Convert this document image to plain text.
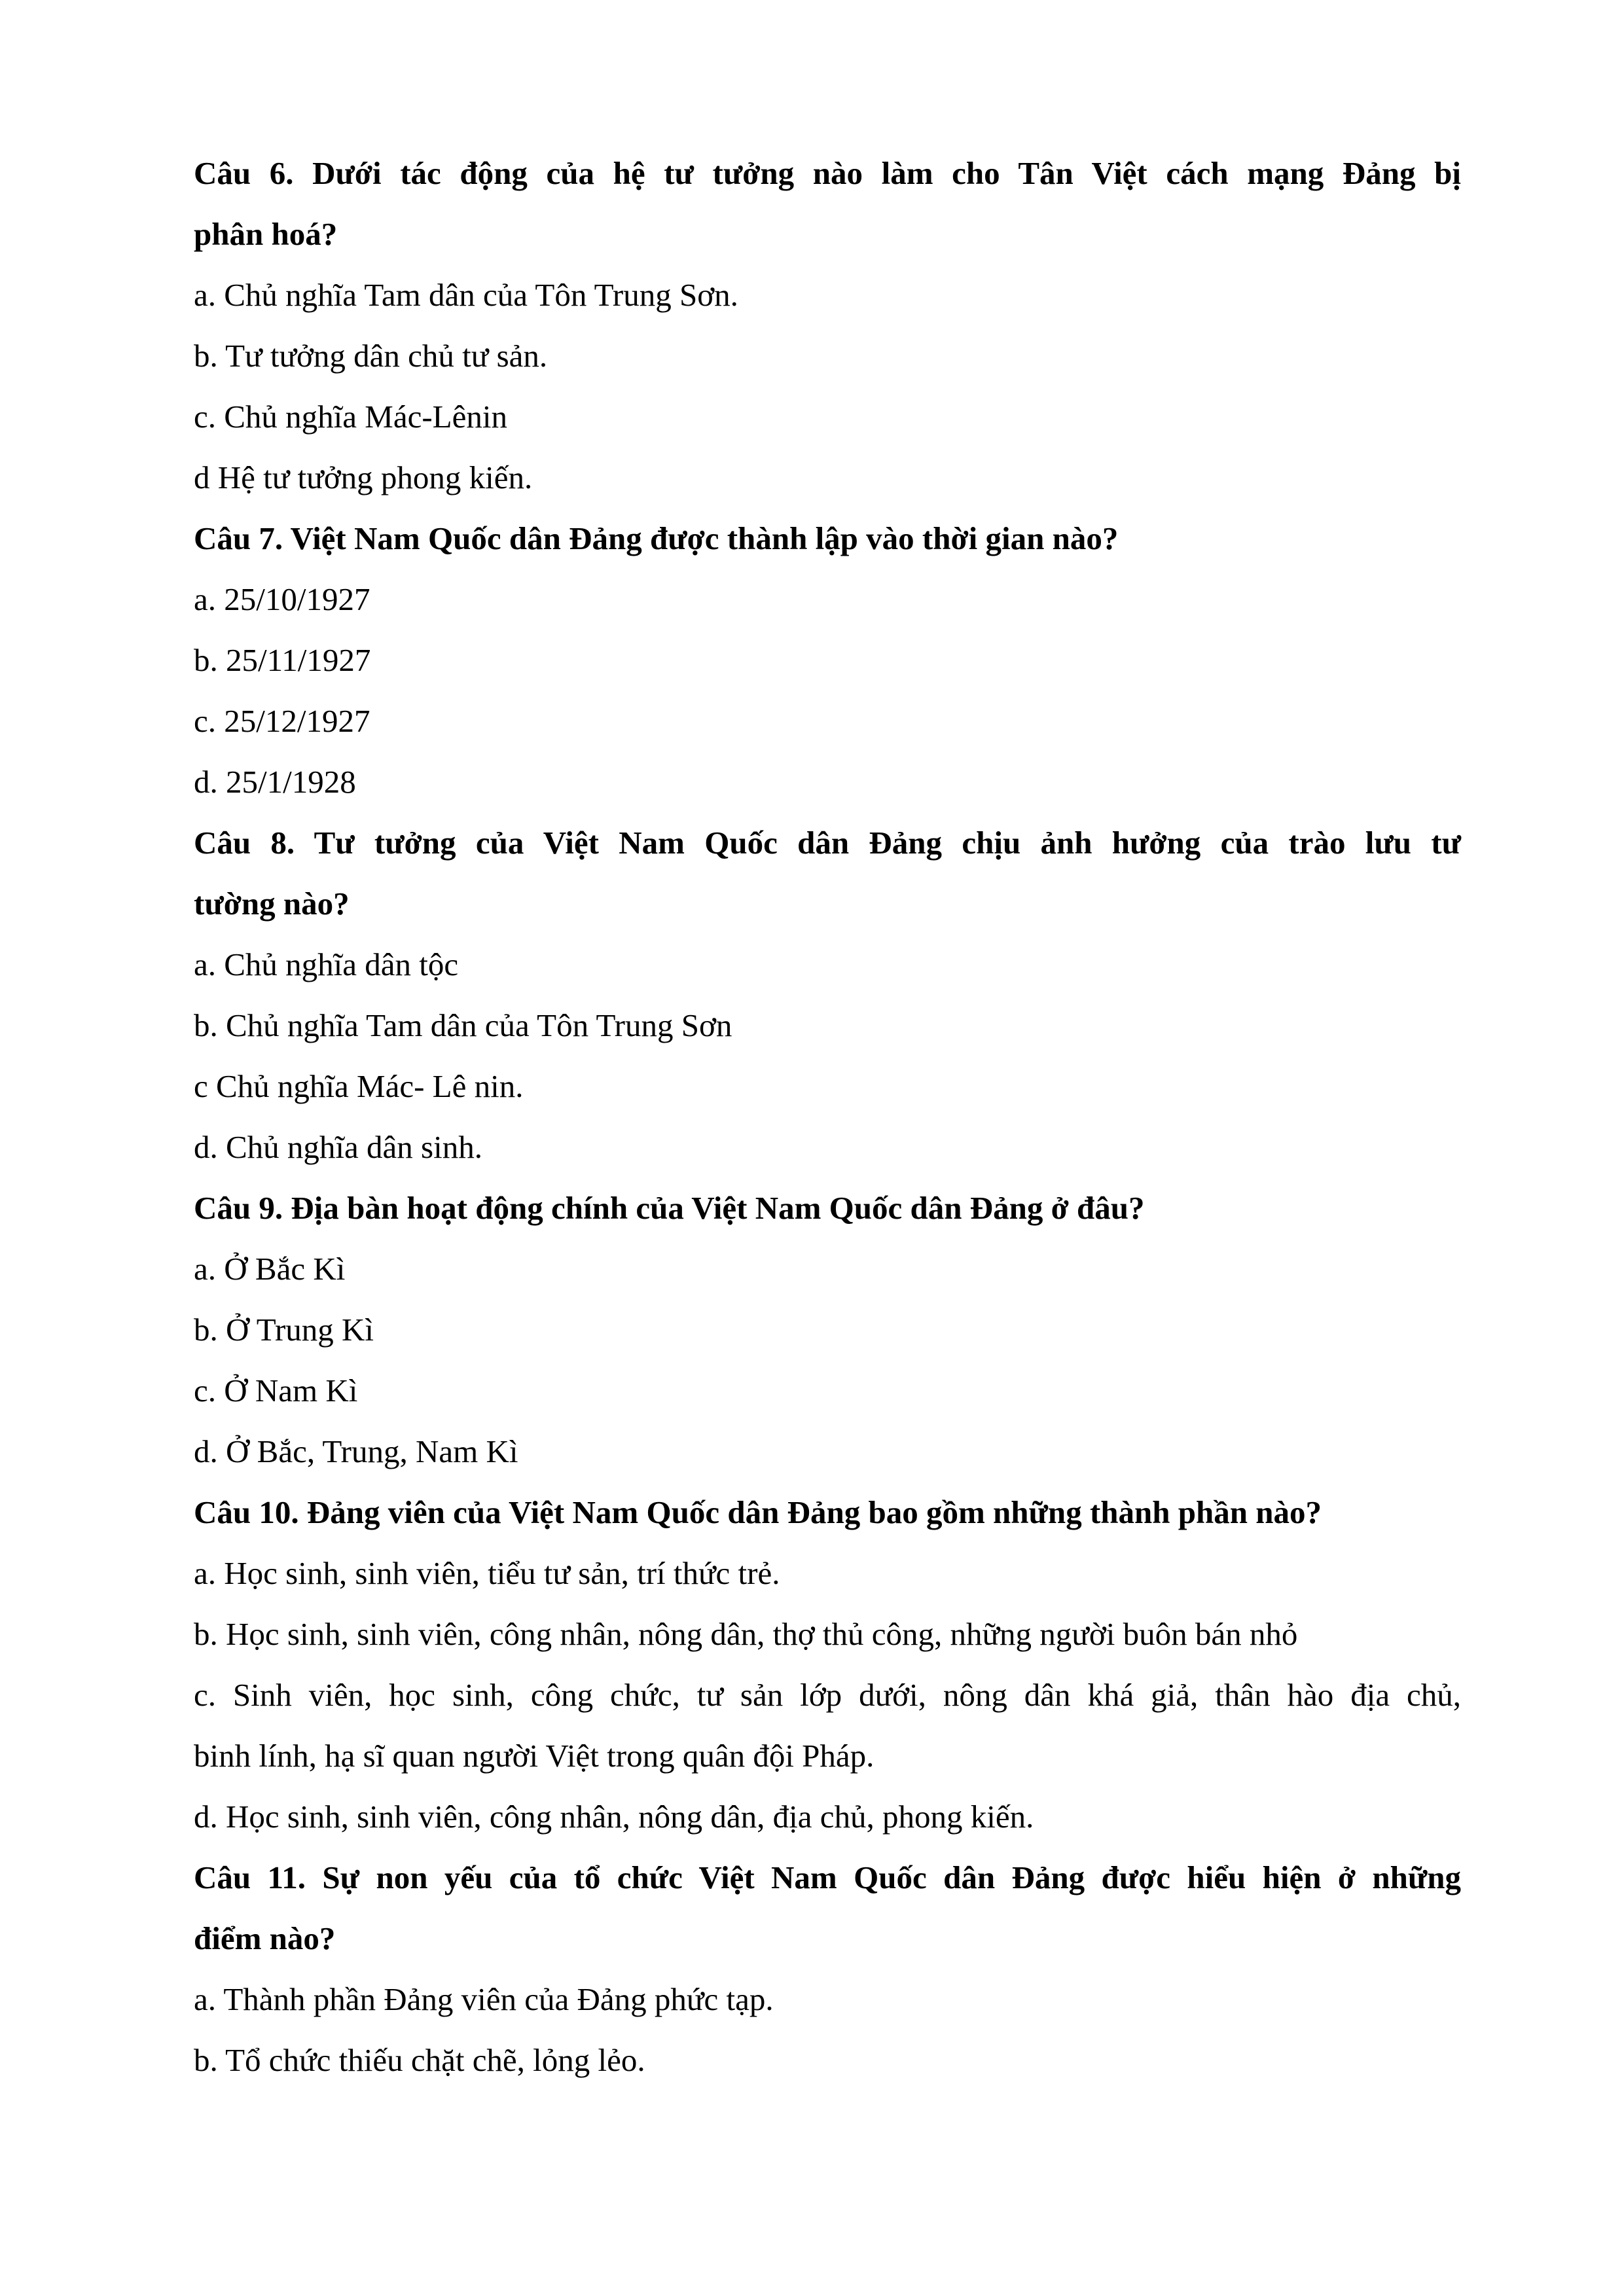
Câu 6. Dưới tác động của hệ tư tưởng nào làm cho Tân Việt cách mạng Đảng bị
phân hoá?
a. Chủ nghĩa Tam dân của Tôn Trung Sơn.
b. Tư tưởng dân chủ tư sản.
c. Chủ nghĩa Mác-Lênin
d Hệ tư tưởng phong kiến.
Câu 7. Việt Nam Quốc dân Đảng được thành lập vào thời gian nào?
a. 25/10/1927
b. 25/11/1927
c. 25/12/1927
d. 25/1/1928
Câu 8. Tư tưởng của Việt Nam Quốc dân Đảng chịu ảnh hưởng của trào lưu tư
tường nào?
a. Chủ nghĩa dân tộc
b. Chủ nghĩa Tam dân của Tôn Trung Sơn
c Chủ nghĩa Mác- Lê nin.
d. Chủ nghĩa dân sinh.
Câu 9. Địa bàn hoạt động chính của Việt Nam Quốc dân Đảng ở đâu?
a. Ở Bắc Kì
b. Ở Trung Kì
c. Ở Nam Kì
d. Ở Bắc, Trung, Nam Kì
Câu 10. Đảng viên của Việt Nam Quốc dân Đảng bao gồm những thành phần nào?
a. Học sinh, sinh viên, tiểu tư sản, trí thức trẻ.
b. Học sinh, sinh viên, công nhân, nông dân, thợ thủ công, những người buôn bán nhỏ
c. Sinh viên, học sinh, công chức, tư sản lớp dưới, nông dân khá giả, thân hào địa chủ,
binh lính, hạ sĩ quan người Việt trong quân đội Pháp.
d. Học sinh, sinh viên, công nhân, nông dân, địa chủ, phong kiến.
Câu 11. Sự non yếu của tổ chức Việt Nam Quốc dân Đảng được hiểu hiện ở những
điểm nào?
a. Thành phần Đảng viên của Đảng phức tạp.
b. Tổ chức thiếu chặt chẽ, lỏng lẻo.
